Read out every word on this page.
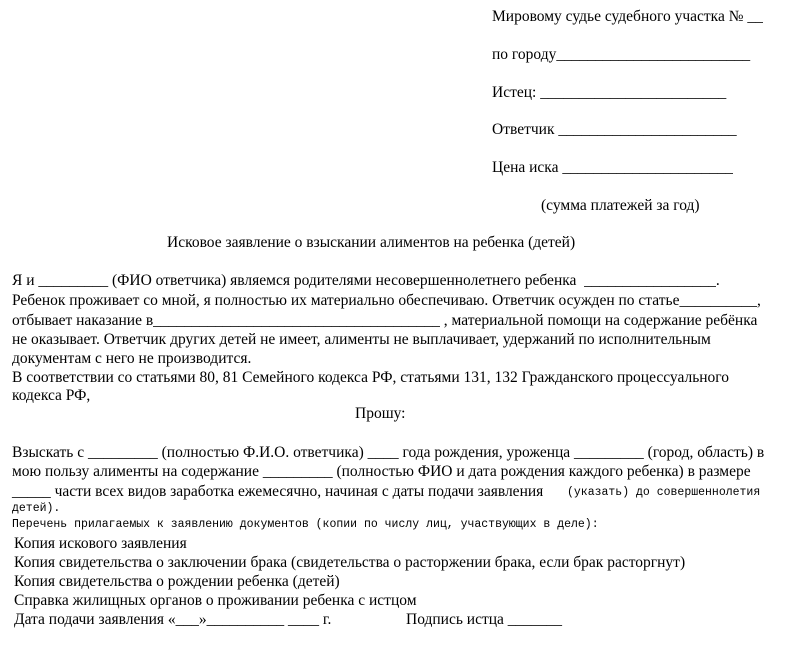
Мировому судье судебного участка № __
по городу_________________________
Истец: ________________________
Ответчик _______________________
Цена иска ______________________
(сумма платежей за год)
Исковое заявление о взыскании алиментов на ребенка (детей)
Я и _________ (ФИО ответчика) являемся родителями несовершеннолетнего ребенка  _________________.
Ребенок проживает со мной, я полностью их материально обеспечиваю. Ответчик осужден по статье__________,
отбывает наказание в_____________________________________ , материальной помощи на содержание ребёнка
не оказывает. Ответчик других детей не имеет, алименты не выплачивает, удержаний по исполнительным
документам с него не производится.
В соответствии со статьями 80, 81 Семейного кодекса РФ, статьями 131, 132 Гражданского процессуального
кодекса РФ,
Прошу:
Взыскать с _________ (полностью Ф.И.О. ответчика) ____ года рождения, уроженца _________ (город, область) в
мою пользу алименты на содержание _________ (полностью ФИО и дата рождения каждого ребенка) в размере
_____ части всех видов заработка ежемесячно, начиная с даты подачи заявления (указать) до совершеннолетия
детей).
Перечень прилагаемых к заявлению документов (копии по числу лиц, участвующих в деле):
Копия искового заявления
Копия свидетельства о заключении брака (свидетельства о расторжении брака, если брак расторгнут)
Копия свидетельства о рождении ребенка (детей)
Справка жилищных органов о проживании ребенка с истцом
Дата подачи заявления «___»__________ ____ г.	Подпись истца _______
